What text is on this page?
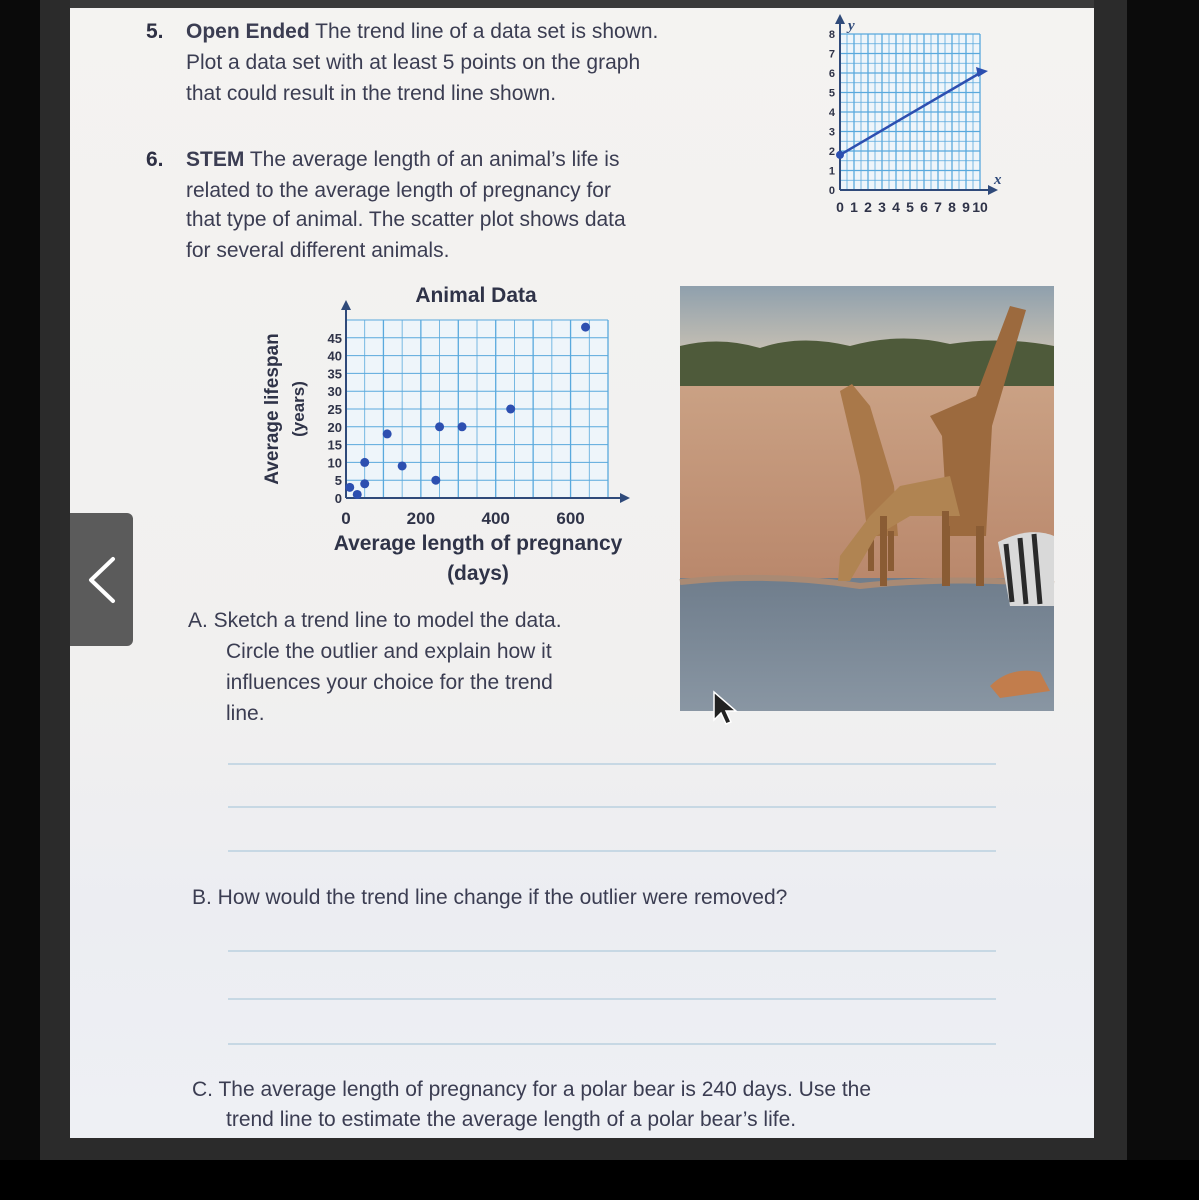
5. Open Ended The trend line of a data set is shown.
Plot a data set with at least 5 points on the graph
that could result in the trend line shown.
x
y
0 1 2 3 4 5 6 7 8 9 10
0
1
2
3
4
5
6
7
8
6. STEM The average length of an animal’s life is
related to the average length of pregnancy for
that type of animal. The scatter plot shows data
for several different animals.
Animal Data
0	200	400	600
0
5
10
15
20
25
30
35
40
45
Average length of pregnancy
(days)
Average lifespan (years)
A. Sketch a trend line to model the data.
Circle the outlier and explain how it
influences your choice for the trend
line.
B. How would the trend line change if the outlier were removed?
C. The average length of pregnancy for a polar bear is 240 days. Use the
trend line to estimate the average length of a polar bear’s life.
